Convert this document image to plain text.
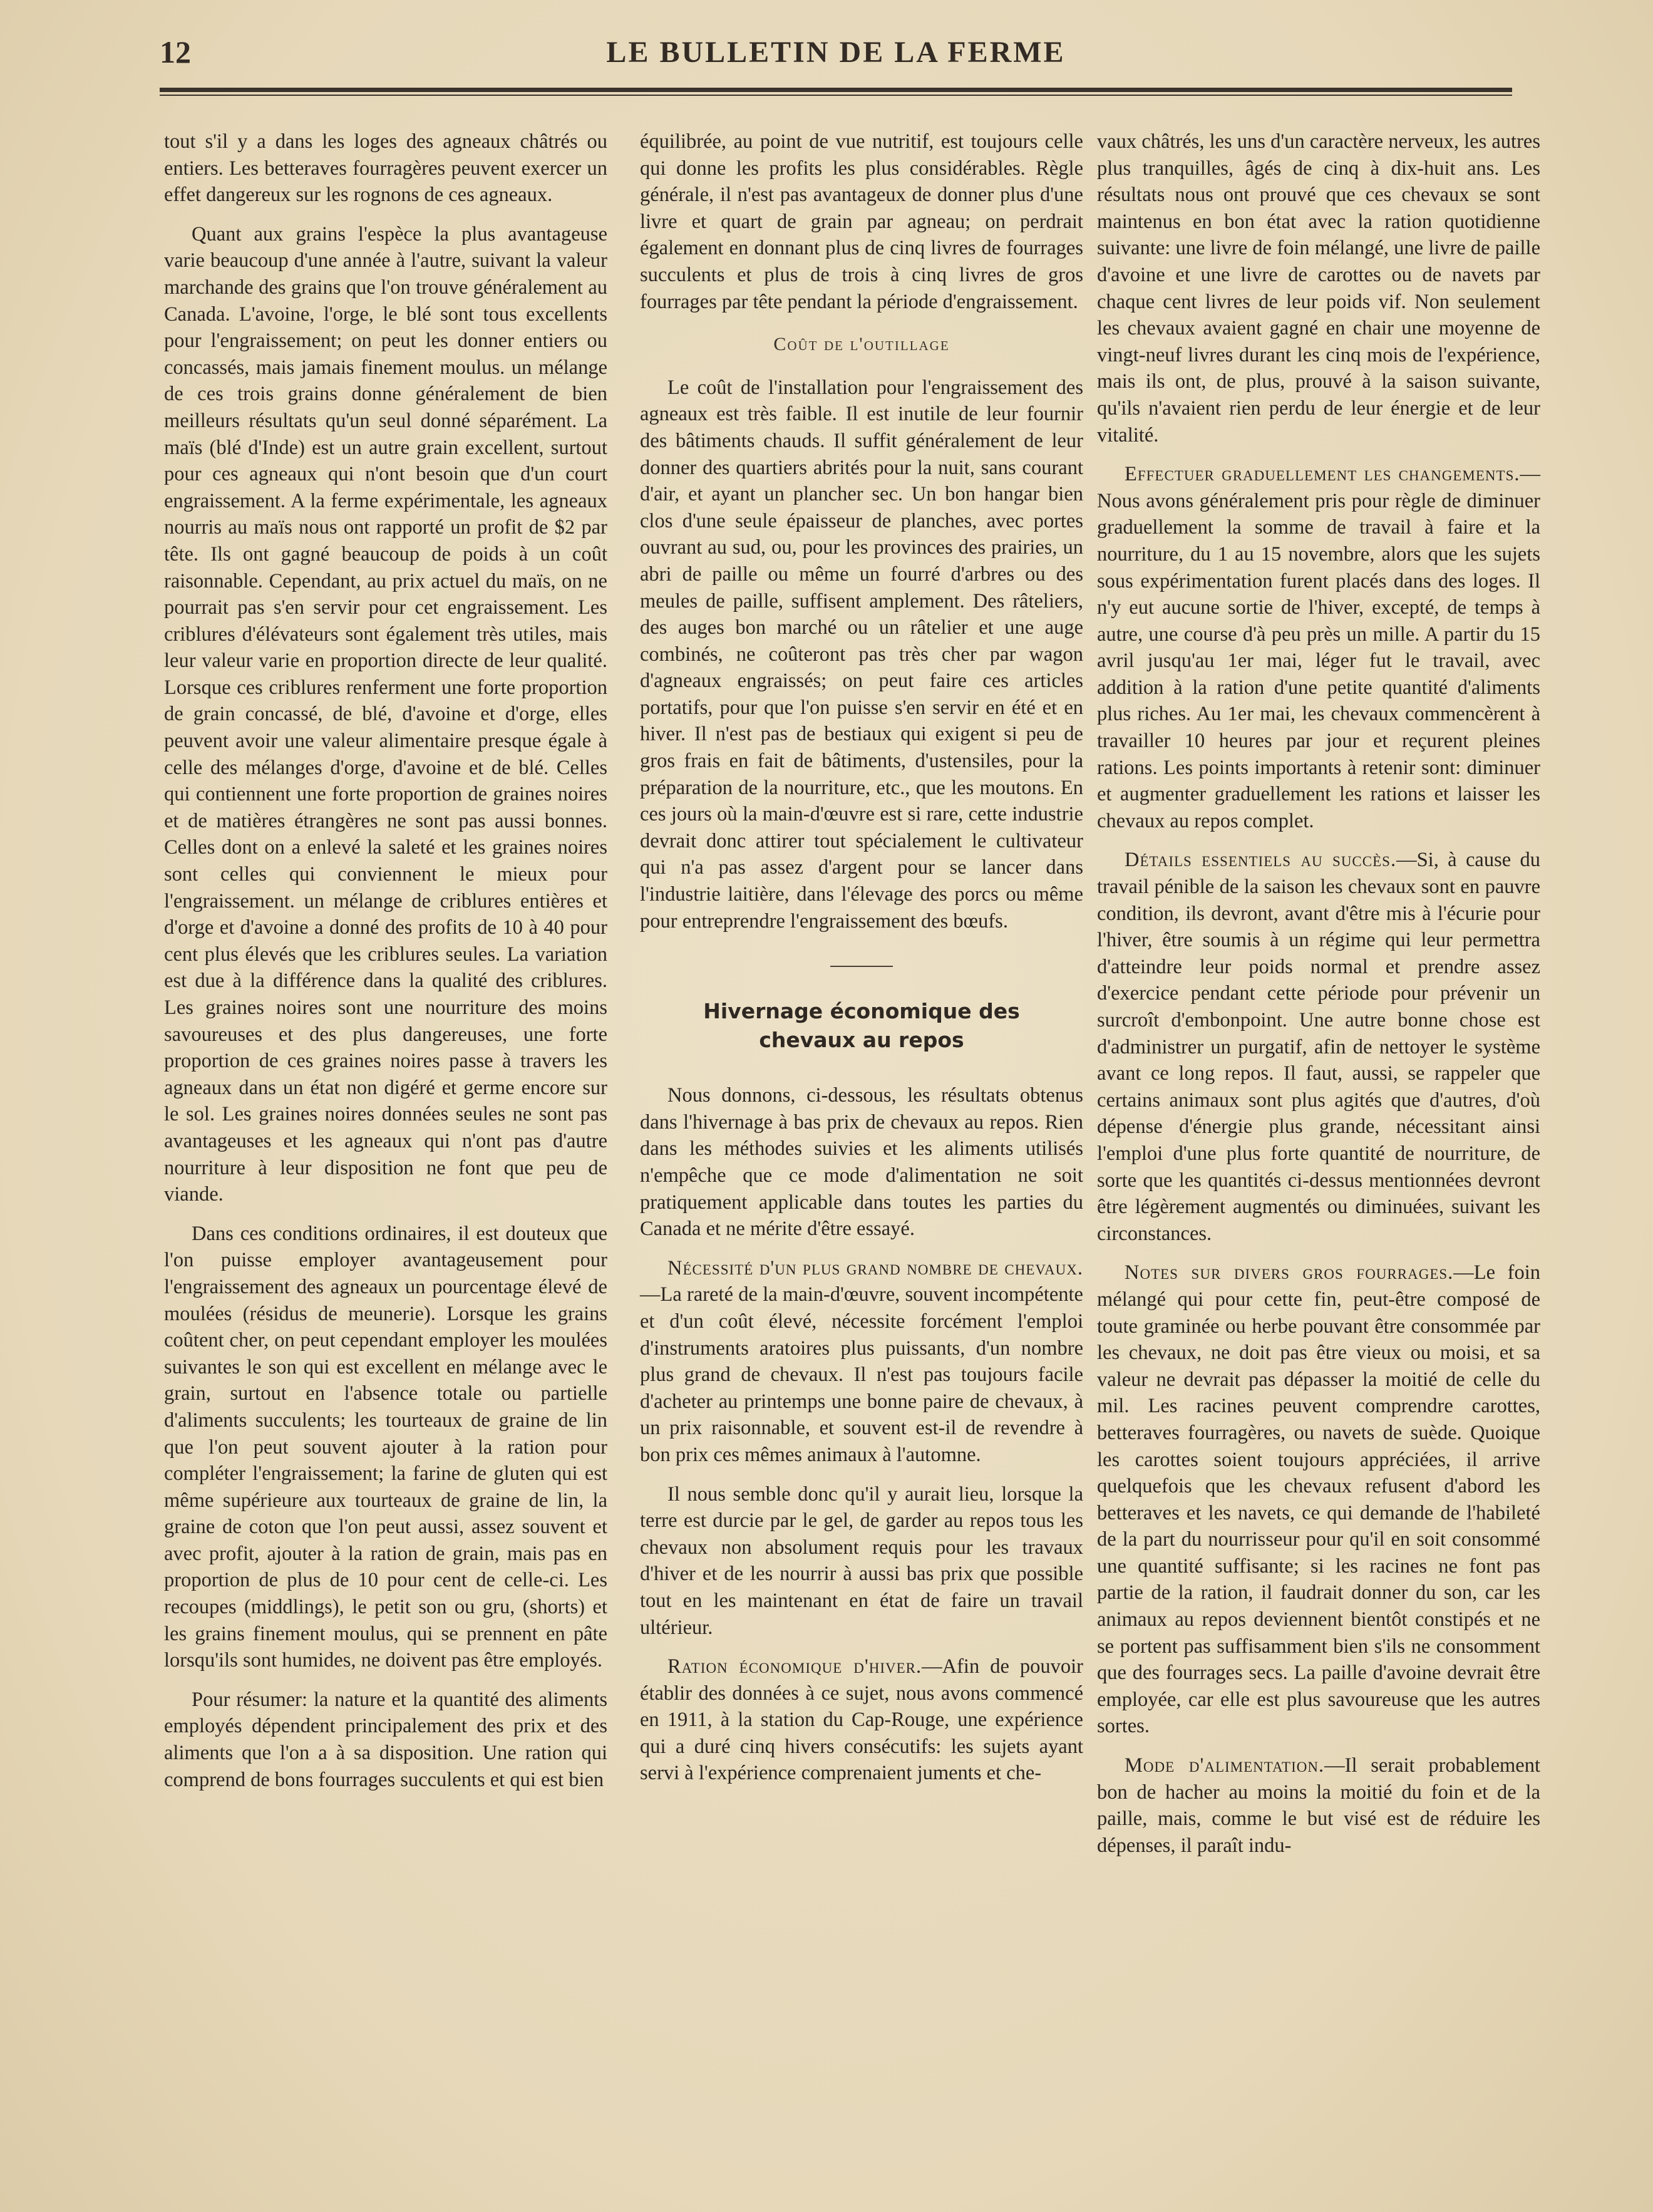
12	LE BULLETIN DE LA FERME

tout s'il y a dans les loges des agneaux châtrés ou entiers. Les betteraves fourragères peuvent exercer un effet dangereux sur les rognons de ces agneaux.

Quant aux grains l'espèce la plus avantageuse varie beaucoup d'une année à l'autre, suivant la valeur marchande des grains que l'on trouve généralement au Canada. L'avoine, l'orge, le blé sont tous excellents pour l'engraissement; on peut les donner entiers ou concassés, mais jamais finement moulus. un mélange de ces trois grains donne généralement de bien meilleurs résultats qu'un seul donné séparément. La maïs (blé d'Inde) est un autre grain excellent, surtout pour ces agneaux qui n'ont besoin que d'un court engraissement. A la ferme expérimentale, les agneaux nourris au maïs nous ont rapporté un profit de $2 par tête. Ils ont gagné beaucoup de poids à un coût raisonnable. Cependant, au prix actuel du maïs, on ne pourrait pas s'en servir pour cet engraissement. Les criblures d'élévateurs sont également très utiles, mais leur valeur varie en proportion directe de leur qualité. Lorsque ces criblures renferment une forte proportion de grain concassé, de blé, d'avoine et d'orge, elles peuvent avoir une valeur alimentaire presque égale à celle des mélanges d'orge, d'avoine et de blé. Celles qui contiennent une forte proportion de graines noires et de matières étrangères ne sont pas aussi bonnes. Celles dont on a enlevé la saleté et les graines noires sont celles qui conviennent le mieux pour l'engraissement. un mélange de criblures entières et d'orge et d'avoine a donné des profits de 10 à 40 pour cent plus élevés que les criblures seules. La variation est due à la différence dans la qualité des criblures. Les graines noires sont une nourriture des moins savoureuses et des plus dangereuses, une forte proportion de ces graines noires passe à travers les agneaux dans un état non digéré et germe encore sur le sol. Les graines noires données seules ne sont pas avantageuses et les agneaux qui n'ont pas d'autre nourriture à leur disposition ne font que peu de viande.

Dans ces conditions ordinaires, il est douteux que l'on puisse employer avantageusement pour l'engraissement des agneaux un pourcentage élevé de moulées (résidus de meunerie). Lorsque les grains coûtent cher, on peut cependant employer les moulées suivantes le son qui est excellent en mélange avec le grain, surtout en l'absence totale ou partielle d'aliments succulents; les tourteaux de graine de lin que l'on peut souvent ajouter à la ration pour compléter l'engraissement; la farine de gluten qui est même supérieure aux tourteaux de graine de lin, la graine de coton que l'on peut aussi, assez souvent et avec profit, ajouter à la ration de grain, mais pas en proportion de plus de 10 pour cent de celle-ci. Les recoupes (middlings), le petit son ou gru, (shorts) et les grains finement moulus, qui se prennent en pâte lorsqu'ils sont humides, ne doivent pas être employés.

Pour résumer: la nature et la quantité des aliments employés dépendent principalement des prix et des aliments que l'on a à sa disposition. Une ration qui comprend de bons fourrages succulents et qui est bien

équilibrée, au point de vue nutritif, est toujours celle qui donne les profits les plus considérables. Règle générale, il n'est pas avantageux de donner plus d'une livre et quart de grain par agneau; on perdrait également en donnant plus de cinq livres de fourrages succulents et plus de trois à cinq livres de gros fourrages par tête pendant la période d'engraissement.

Coût de l'outillage

Le coût de l'installation pour l'engraissement des agneaux est très faible. Il est inutile de leur fournir des bâtiments chauds. Il suffit généralement de leur donner des quartiers abrités pour la nuit, sans courant d'air, et ayant un plancher sec. Un bon hangar bien clos d'une seule épaisseur de planches, avec portes ouvrant au sud, ou, pour les provinces des prairies, un abri de paille ou même un fourré d'arbres ou des meules de paille, suffisent amplement. Des râteliers, des auges bon marché ou un râtelier et une auge combinés, ne coûteront pas très cher par wagon d'agneaux engraissés; on peut faire ces articles portatifs, pour que l'on puisse s'en servir en été et en hiver. Il n'est pas de bestiaux qui exigent si peu de gros frais en fait de bâtiments, d'ustensiles, pour la préparation de la nourriture, etc., que les moutons. En ces jours où la main-d'œuvre est si rare, cette industrie devrait donc attirer tout spécialement le cultivateur qui n'a pas assez d'argent pour se lancer dans l'industrie laitière, dans l'élevage des porcs ou même pour entreprendre l'engraissement des bœufs.

Hivernage économique des chevaux au repos

Nous donnons, ci-dessous, les résultats obtenus dans l'hivernage à bas prix de chevaux au repos. Rien dans les méthodes suivies et les aliments utilisés n'empêche que ce mode d'alimentation ne soit pratiquement applicable dans toutes les parties du Canada et ne mérite d'être essayé.

Nécessité d'un plus grand nombre de chevaux.—La rareté de la main-d'œuvre, souvent incompétente et d'un coût élevé, nécessite forcément l'emploi d'instruments aratoires plus puissants, d'un nombre plus grand de chevaux. Il n'est pas toujours facile d'acheter au printemps une bonne paire de chevaux, à un prix raisonnable, et souvent est-il de revendre à bon prix ces mêmes animaux à l'automne.

Il nous semble donc qu'il y aurait lieu, lorsque la terre est durcie par le gel, de garder au repos tous les chevaux non absolument requis pour les travaux d'hiver et de les nourrir à aussi bas prix que possible tout en les maintenant en état de faire un travail ultérieur.

Ration économique d'hiver.—Afin de pouvoir établir des données à ce sujet, nous avons commencé en 1911, à la station du Cap-Rouge, une expérience qui a duré cinq hivers consécutifs: les sujets ayant servi à l'expérience comprenaient juments et che-

vaux châtrés, les uns d'un caractère nerveux, les autres plus tranquilles, âgés de cinq à dix-huit ans. Les résultats nous ont prouvé que ces chevaux se sont maintenus en bon état avec la ration quotidienne suivante: une livre de foin mélangé, une livre de paille d'avoine et une livre de carottes ou de navets par chaque cent livres de leur poids vif. Non seulement les chevaux avaient gagné en chair une moyenne de vingt-neuf livres durant les cinq mois de l'expérience, mais ils ont, de plus, prouvé à la saison suivante, qu'ils n'avaient rien perdu de leur énergie et de leur vitalité.

Effectuer graduellement les changements.—Nous avons généralement pris pour règle de diminuer graduellement la somme de travail à faire et la nourriture, du 1 au 15 novembre, alors que les sujets sous expérimentation furent placés dans des loges. Il n'y eut aucune sortie de l'hiver, excepté, de temps à autre, une course d'à peu près un mille. A partir du 15 avril jusqu'au 1er mai, léger fut le travail, avec addition à la ration d'une petite quantité d'aliments plus riches. Au 1er mai, les chevaux commencèrent à travailler 10 heures par jour et reçurent pleines rations. Les points importants à retenir sont: diminuer et augmenter graduellement les rations et laisser les chevaux au repos complet.

Détails essentiels au succès.—Si, à cause du travail pénible de la saison les chevaux sont en pauvre condition, ils devront, avant d'être mis à l'écurie pour l'hiver, être soumis à un régime qui leur permettra d'atteindre leur poids normal et prendre assez d'exercice pendant cette période pour prévenir un surcroît d'embonpoint. Une autre bonne chose est d'administrer un purgatif, afin de nettoyer le système avant ce long repos. Il faut, aussi, se rappeler que certains animaux sont plus agités que d'autres, d'où dépense d'énergie plus grande, nécessitant ainsi l'emploi d'une plus forte quantité de nourriture, de sorte que les quantités ci-dessus mentionnées devront être légèrement augmentés ou diminuées, suivant les circonstances.

Notes sur divers gros fourrages.—Le foin mélangé qui pour cette fin, peut-être composé de toute graminée ou herbe pouvant être consommée par les chevaux, ne doit pas être vieux ou moisi, et sa valeur ne devrait pas dépasser la moitié de celle du mil. Les racines peuvent comprendre carottes, betteraves fourragères, ou navets de suède. Quoique les carottes soient toujours appréciées, il arrive quelquefois que les chevaux refusent d'abord les betteraves et les navets, ce qui demande de l'habileté de la part du nourrisseur pour qu'il en soit consommé une quantité suffisante; si les racines ne font pas partie de la ration, il faudrait donner du son, car les animaux au repos deviennent bientôt constipés et ne se portent pas suffisamment bien s'ils ne consomment que des fourrages secs. La paille d'avoine devrait être employée, car elle est plus savoureuse que les autres sortes.

Mode d'alimentation.—Il serait probablement bon de hacher au moins la moitié du foin et de la paille, mais, comme le but visé est de réduire les dépenses, il paraît indu-
